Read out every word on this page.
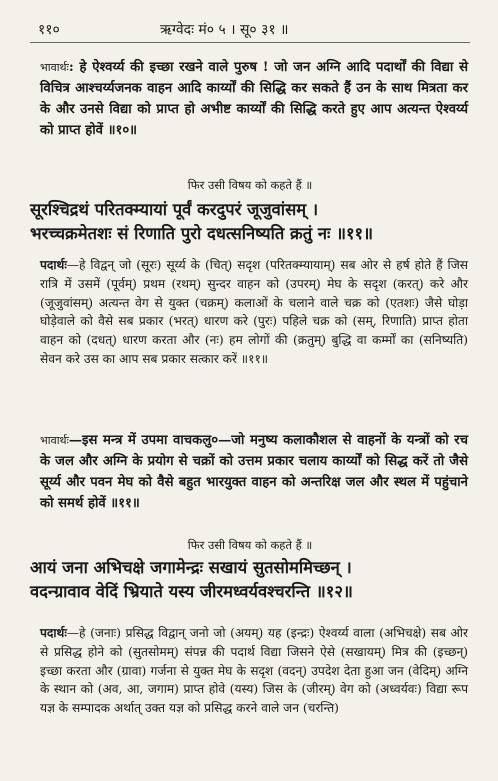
११०	ऋग्वेदः मं० ५ । सू० ३१ ॥
भावार्थः: हे ऐश्वर्य्य की इच्छा रखने वाले पुरुष ! जो जन अग्नि आदि पदार्थों की विद्या से विचित्र आश्चर्य्यजनक वाहन आदि कार्य्यों की सिद्धि कर सकते हैं उन के साथ मित्रता कर के और उनसे विद्या को प्राप्त हो अभीष्ट कार्य्यों की सिद्धि करते हुए आप अत्यन्त ऐश्वर्य्य को प्राप्त होवें ॥१०॥
फिर उसी विषय को कहते हैं ॥
सूरश्चिद्रथं परितक्म्यायां पूर्वं करदुपरं जूजुवांसम् ।
भरच्चक्रमेतशः सं रिणाति पुरो दधत्सनिष्यति क्रतुं नः ॥११॥
पदार्थः—हे विद्वन् जो (सूरः) सूर्य्य के (चित्) सदृश (परितक्म्यायाम्) सब ओर से हर्ष होते हैं जिस रात्रि में उसमें (पूर्वम्) प्रथम (रथम्) सुन्दर वाहन को (उपरम्) मेघ के सदृश (करत्) करे और (जूजुवांसम्) अत्यन्त वेग से युक्त (चक्रम्) कलाओं के चलाने वाले चक्र को (एतशः) जैसे घोड़ा घोड़ेवाले को वैसे सब प्रकार (भरत्) धारण करे (पुरः) पहिले चक्र को (सम्, रिणाति) प्राप्त होता वाहन को (दधत्) धारण करता और (नः) हम लोगों की (क्रतुम्) बुद्धि वा कर्म्मों का (सनिष्यति) सेवन करे उस का आप सब प्रकार सत्कार करें ॥११॥
भावार्थः—इस मन्त्र में उपमा वाचकलु०—जो मनुष्य कलाकौशल से वाहनों के यन्त्रों को रच के जल और अग्नि के प्रयोग से चक्रों को उत्तम प्रकार चलाय कार्य्यों को सिद्ध करें तो जैसे सूर्य्य और पवन मेघ को वैसे बहुत भारयुक्त वाहन को अन्तरिक्ष जल और स्थल में पहुंचाने को समर्थ होवें ॥११॥
फिर उसी विषय को कहते हैं ॥
आयं जना अभिचक्षे जगामेन्द्रः सखायं सुतसोममिच्छन् ।
वदन्ग्रावाव वेदिं भ्रियाते यस्य जीरमध्वर्यवश्चरन्ति ॥१२॥
पदार्थः—हे (जनाः) प्रसिद्ध विद्वान् जनो जो (अयम्) यह (इन्द्रः) ऐश्वर्य्य वाला (अभिचक्षे) सब ओर से प्रसिद्ध होने को (सुतसोमम्) संपन्न की पदार्थ विद्या जिसने ऐसे (सखायम्) मित्र की (इच्छन्) इच्छा करता और (ग्रावा) गर्जना से युक्त मेघ के सदृश (वदन्) उपदेश देता हुआ जन (वेदिम्) अग्नि के स्थान को (अव, आ, जगाम) प्राप्त होवे (यस्य) जिस के (जीरम्) वेग को (अध्वर्यवः) विद्या रूप यज्ञ के सम्पादक अर्थात् उक्त यज्ञ को प्रसिद्ध करने वाले जन (चरन्ति)
